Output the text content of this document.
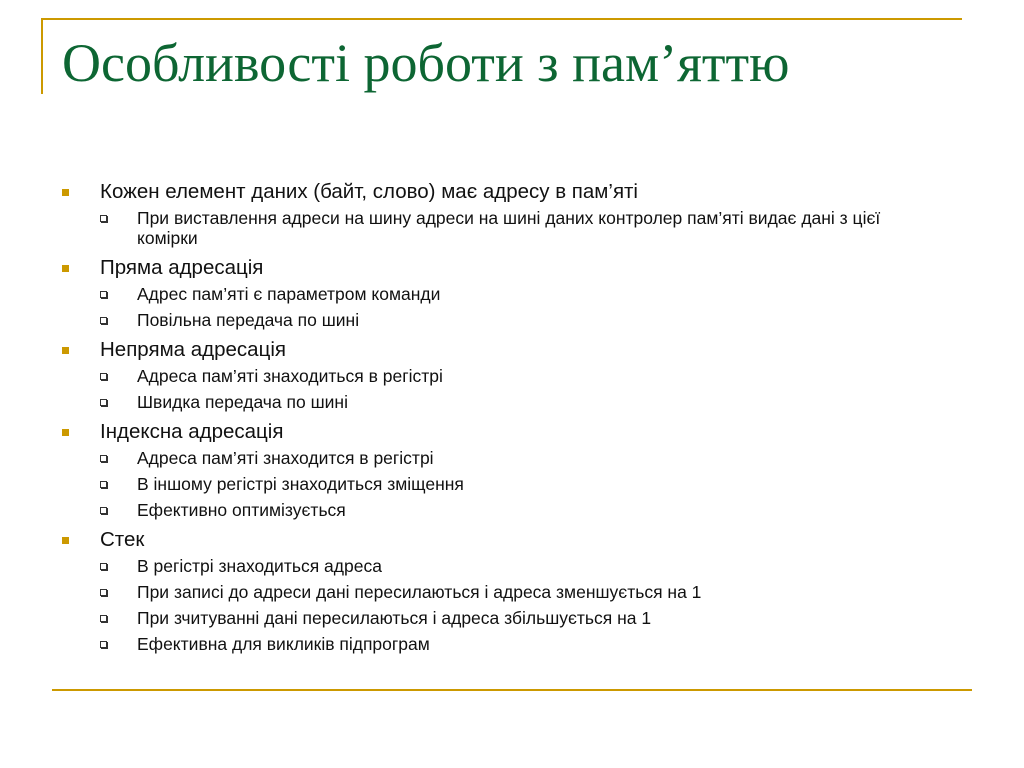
Особливості роботи з пам’яттю
Кожен елемент даних (байт, слово) має адресу в пам’яті
При виставлення адреси на шину адреси на шині даних контролер пам’яті видає дані з цієї комірки
Пряма адресація
Адрес пам’яті є параметром команди
Повільна передача по шині
Непряма адресація
Адреса пам’яті знаходиться в регістрі
Швидка передача по шині
Індексна адресація
Адреса пам’яті знаходится в регістрі
В іншому регістрі знаходиться зміщення
Ефективно оптимізується
Стек
В регістрі знаходиться адреса
При записі до адреси дані пересилаються і адреса зменшується на 1
При зчитуванні дані пересилаються і адреса збільшується на 1
Ефективна для викликів підпрограм
